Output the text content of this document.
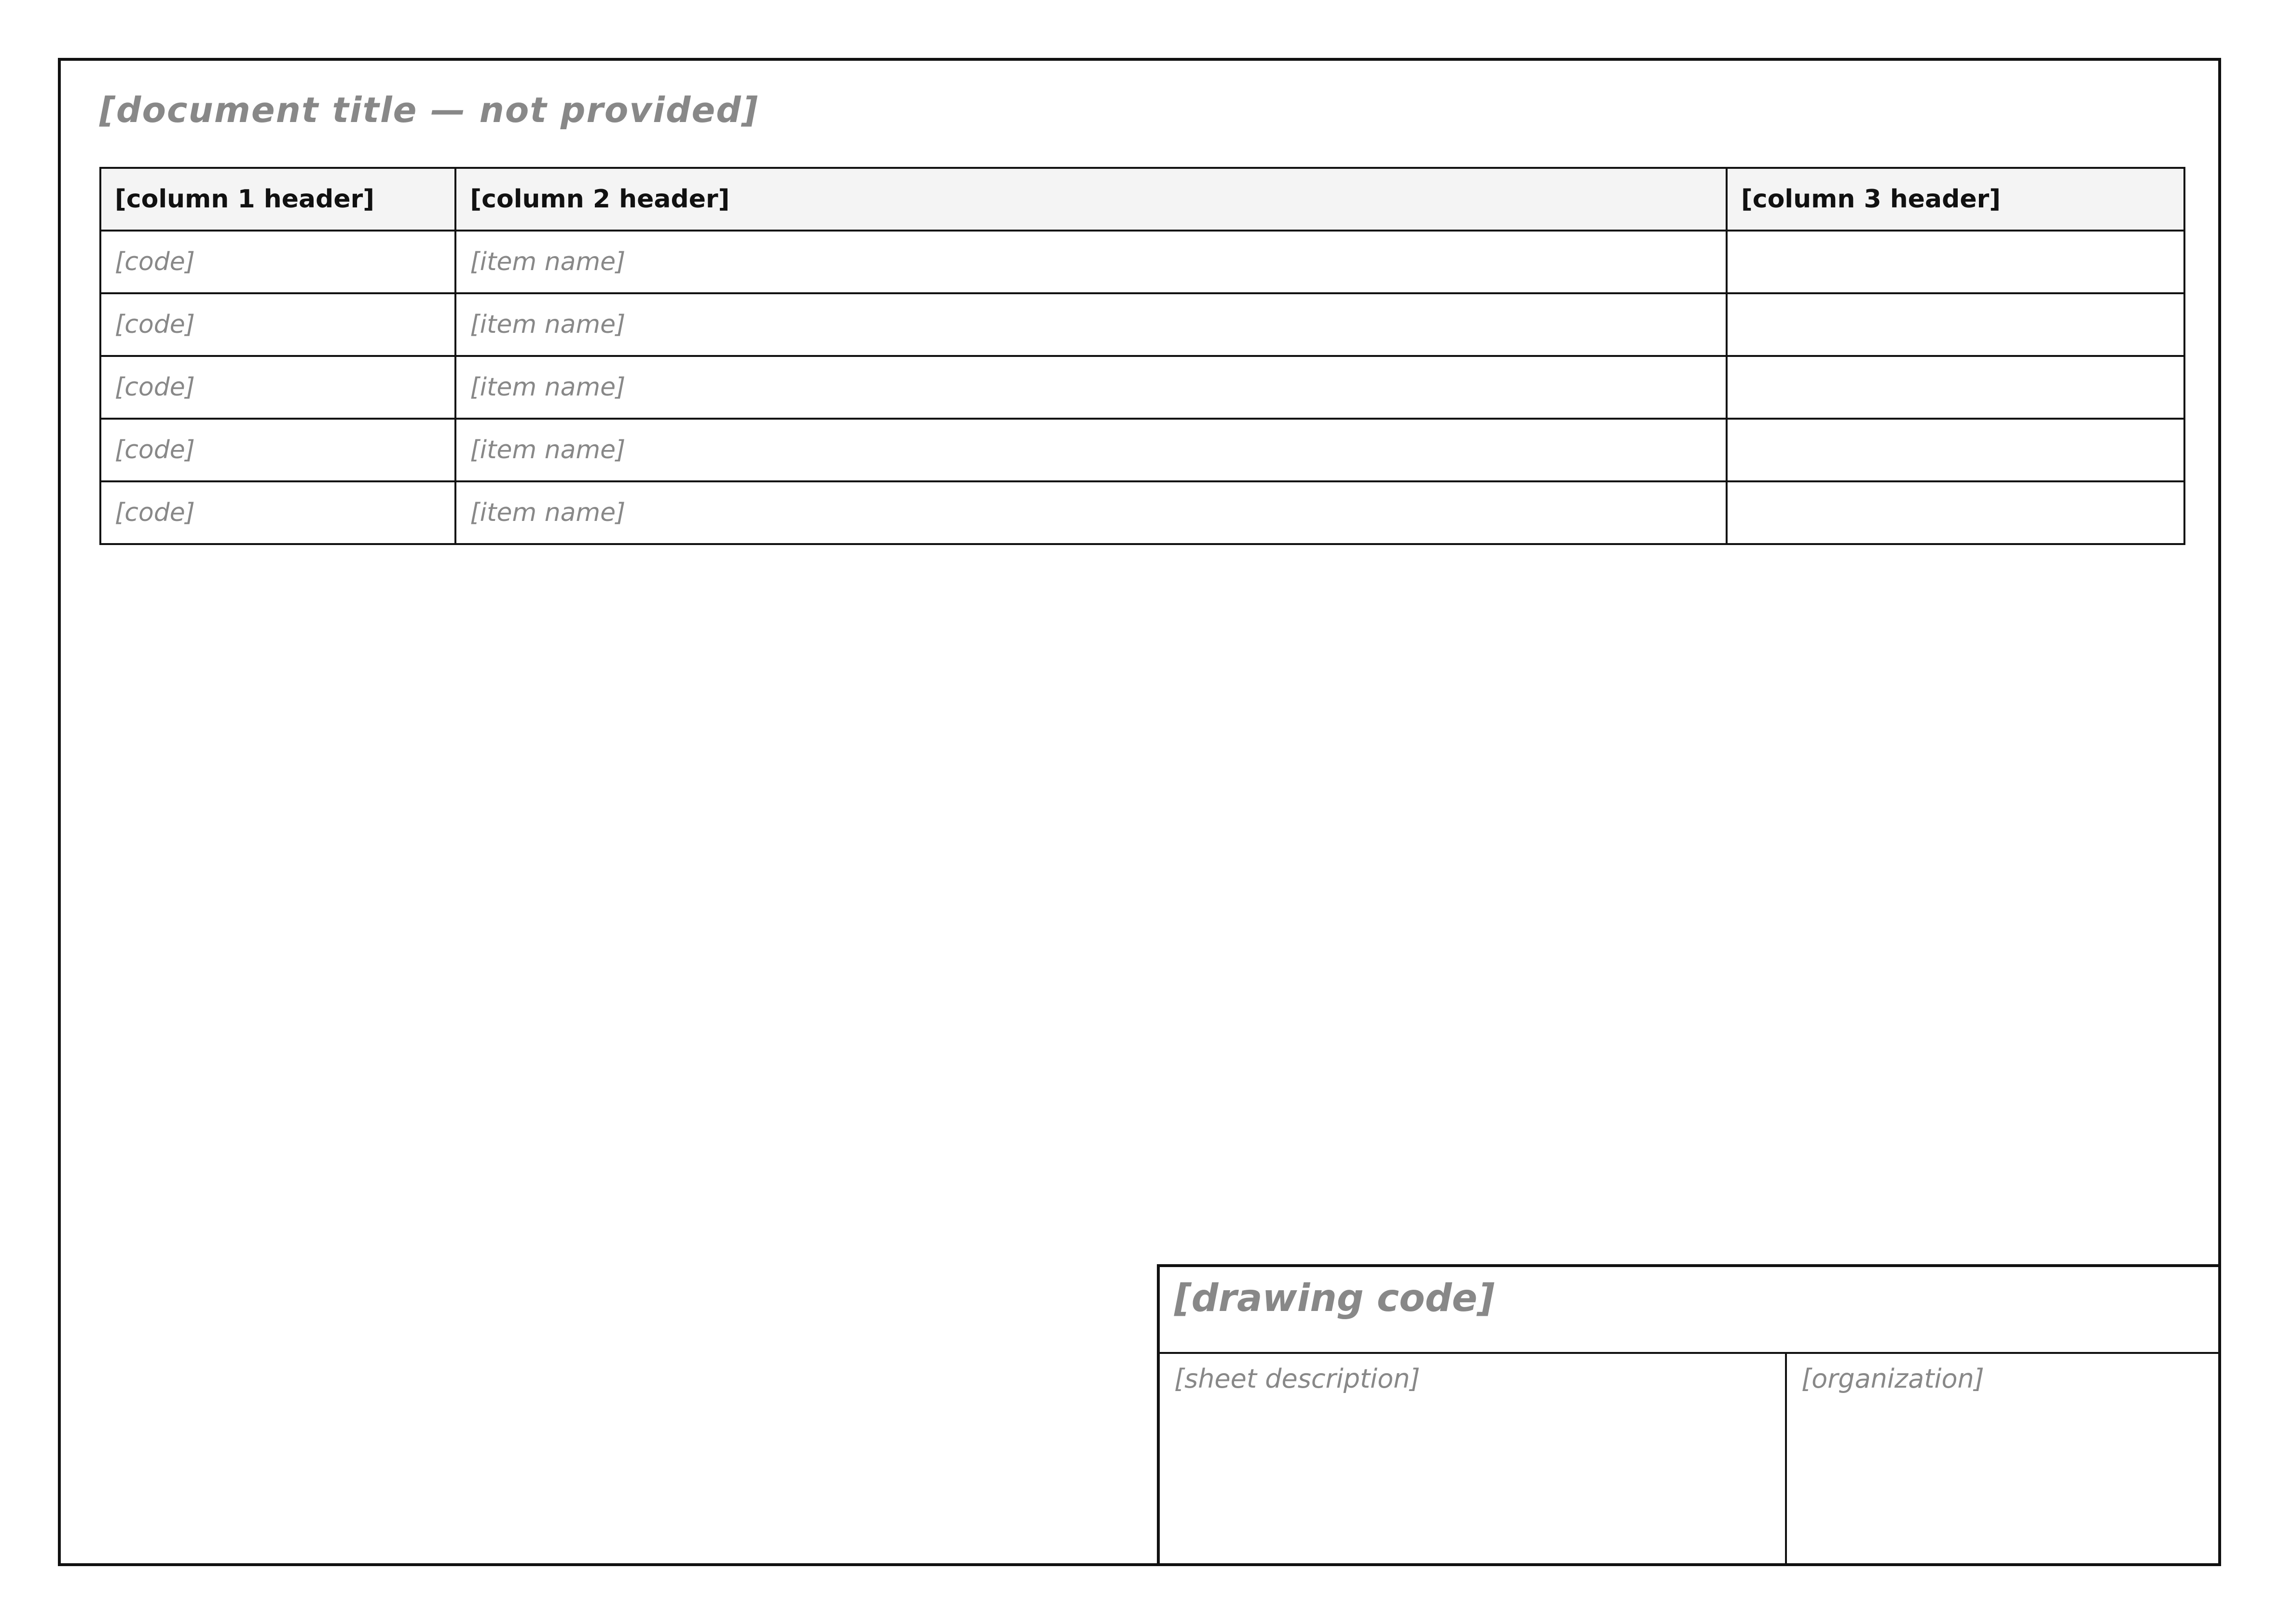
[document title — not provided]
[column 1 header]	[column 2 header]	[column 3 header]
[code]	[item name]	
[code]	[item name]	
[code]	[item name]	
[code]	[item name]	
[code]	[item name]	
[drawing code]
[sheet description]	[organization]
